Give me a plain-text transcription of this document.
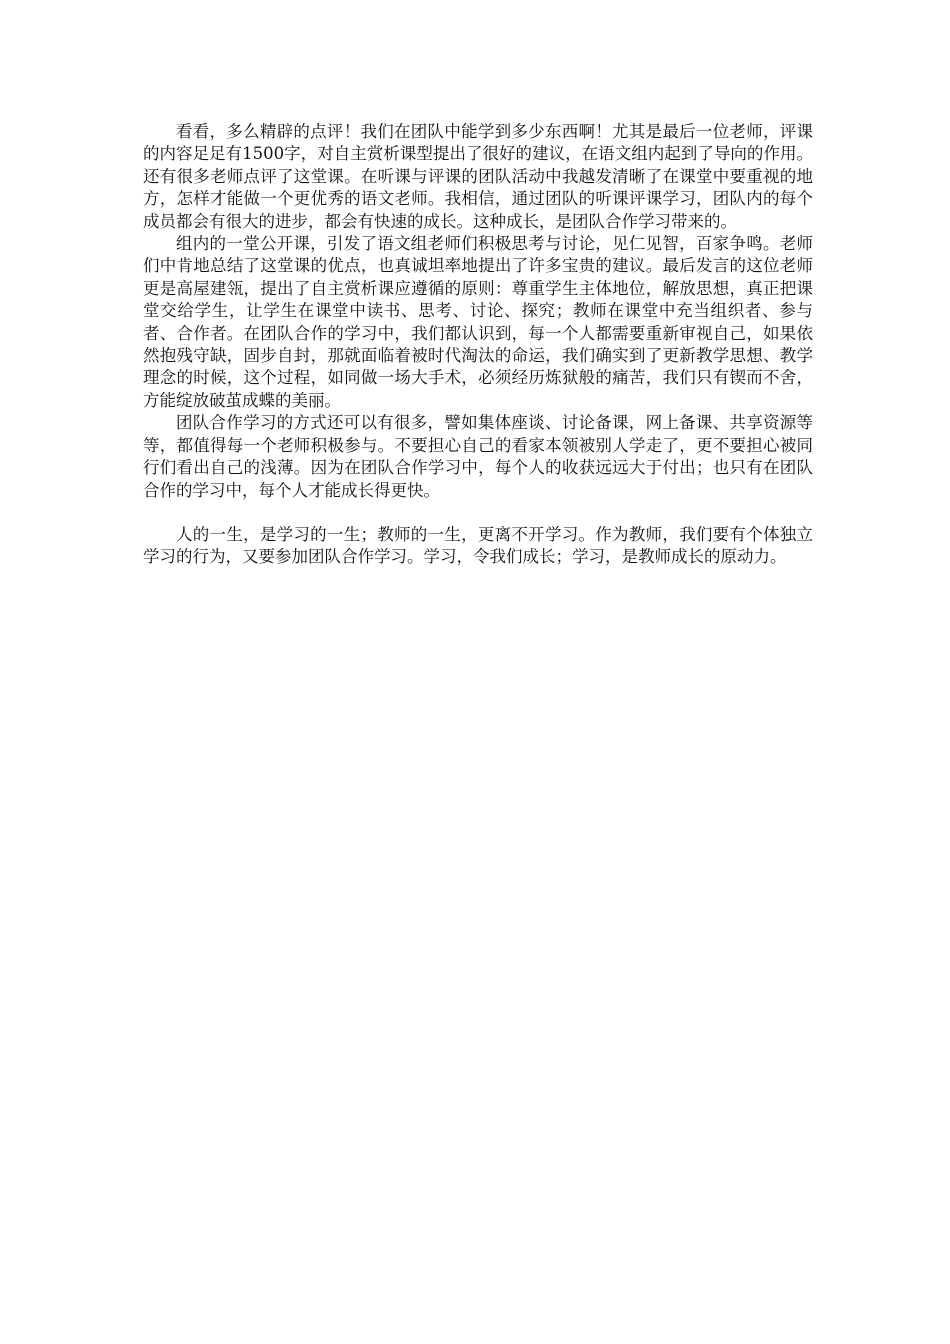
看看，多么精辟的点评！我们在团队中能学到多少东西啊！尤其是最后一位老师，评课的内容足足有1500字，对自主赏析课型提出了很好的建议，在语文组内起到了导向的作用。还有很多老师点评了这堂课。在听课与评课的团队活动中我越发清晰了在课堂中要重视的地方，怎样才能做一个更优秀的语文老师。我相信，通过团队的听课评课学习，团队内的每个成员都会有很大的进步，都会有快速的成长。这种成长，是团队合作学习带来的。

组内的一堂公开课，引发了语文组老师们积极思考与讨论，见仁见智，百家争鸣。老师们中肯地总结了这堂课的优点，也真诚坦率地提出了许多宝贵的建议。最后发言的这位老师更是高屋建瓴，提出了自主赏析课应遵循的原则：尊重学生主体地位，解放思想，真正把课堂交给学生，让学生在课堂中读书、思考、讨论、探究；教师在课堂中充当组织者、参与者、合作者。在团队合作的学习中，我们都认识到，每一个人都需要重新审视自己，如果依然抱残守缺，固步自封，那就面临着被时代淘汰的命运，我们确实到了更新教学思想、教学理念的时候，这个过程，如同做一场大手术，必须经历炼狱般的痛苦，我们只有锲而不舍，方能绽放破茧成蝶的美丽。

团队合作学习的方式还可以有很多，譬如集体座谈、讨论备课，网上备课、共享资源等等，都值得每一个老师积极参与。不要担心自己的看家本领被别人学走了，更不要担心被同行们看出自己的浅薄。因为在团队合作学习中，每个人的收获远远大于付出；也只有在团队合作的学习中，每个人才能成长得更快。

人的一生，是学习的一生；教师的一生，更离不开学习。作为教师，我们要有个体独立学习的行为，又要参加团队合作学习。学习，令我们成长；学习，是教师成长的原动力。
